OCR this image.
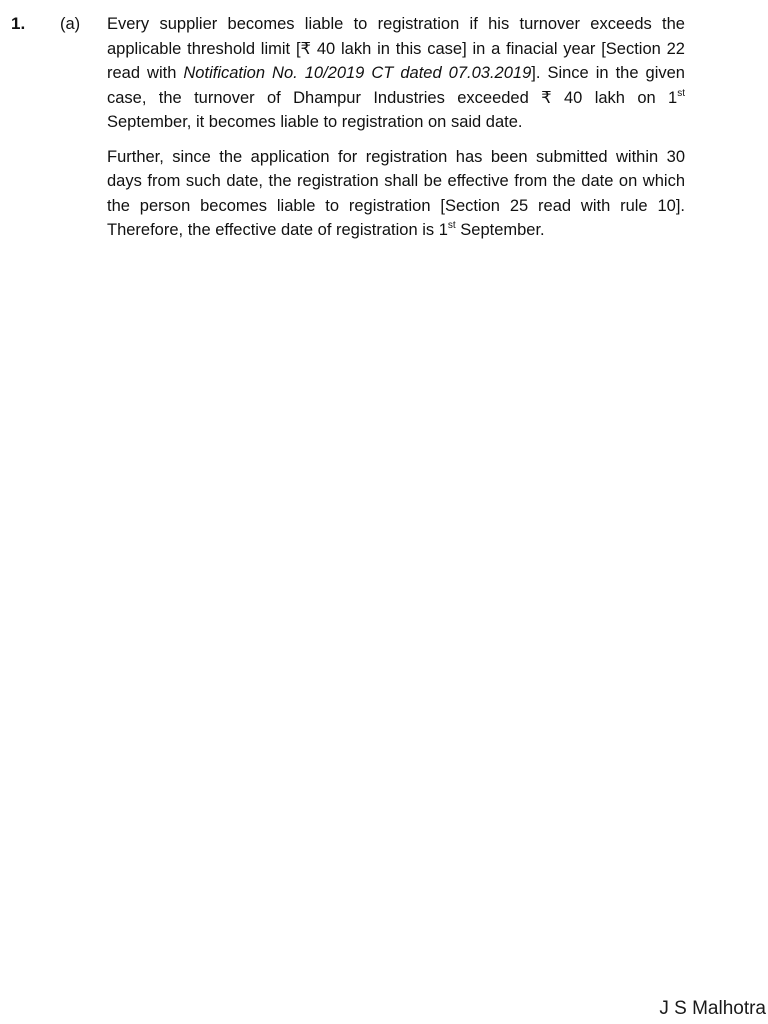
1. (a) Every supplier becomes liable to registration if his turnover exceeds the applicable threshold limit [₹ 40 lakh in this case] in a finacial year [Section 22 read with Notification No. 10/2019 CT dated 07.03.2019]. Since in the given case, the turnover of Dhampur Industries exceeded ₹ 40 lakh on 1st September, it becomes liable to registration on said date.

Further, since the application for registration has been submitted within 30 days from such date, the registration shall be effective from the date on which the person becomes liable to registration [Section 25 read with rule 10]. Therefore, the effective date of registration is 1st September.

J S Malhotra
